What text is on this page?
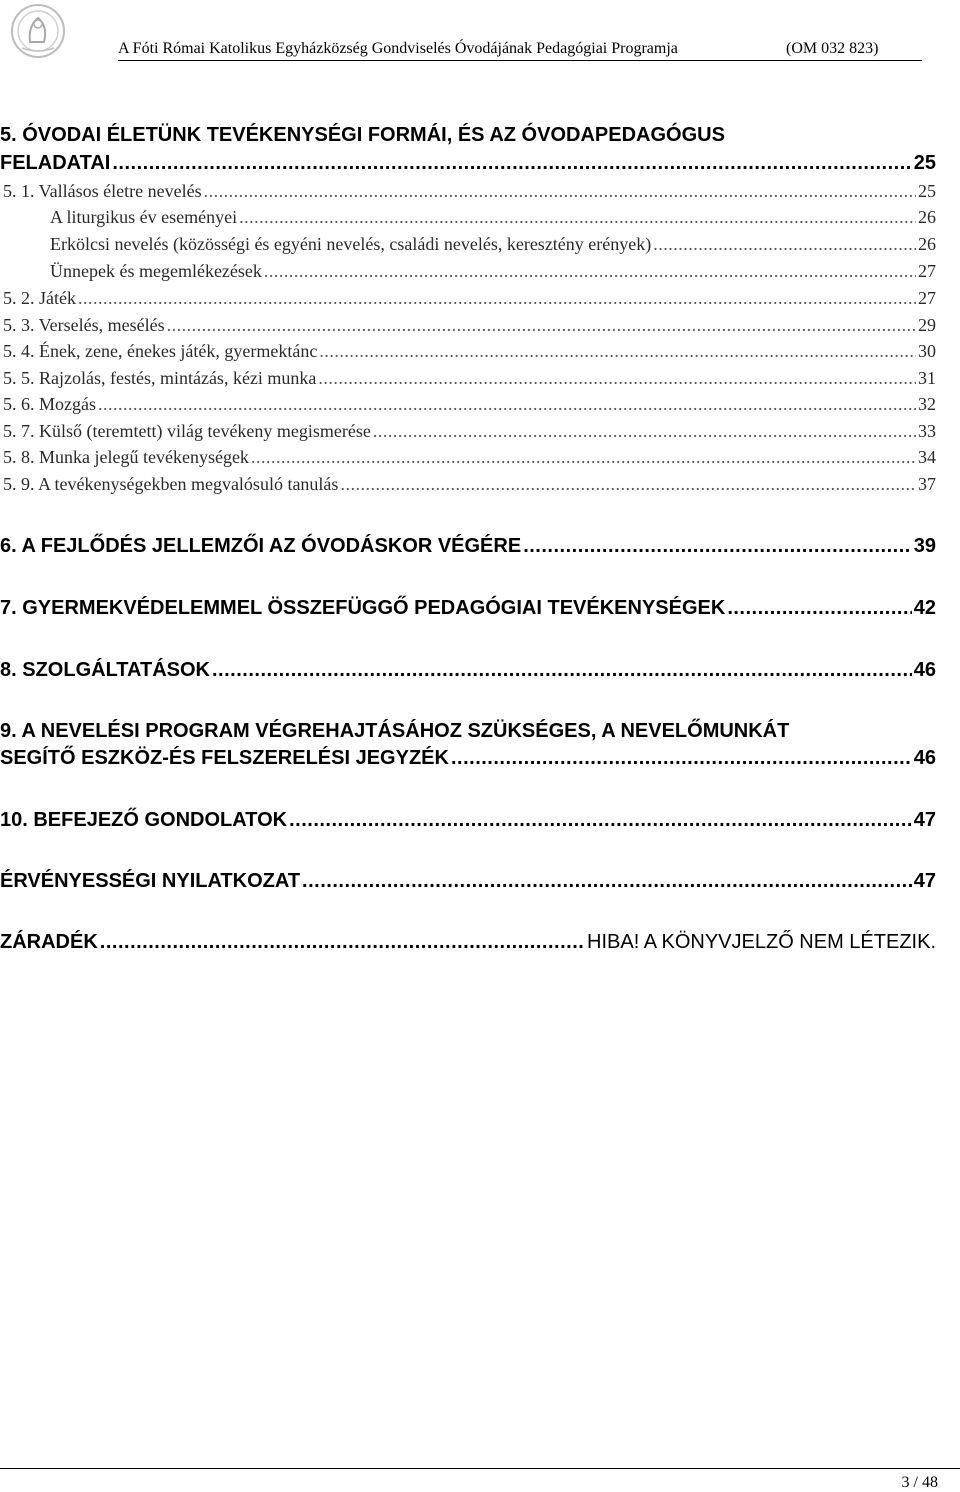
A Fóti Római Katolikus Egyházközség Gondviselés Óvodájának Pedagógiai Programja	(OM 032 823)
5. ÓVODAI ÉLETÜNK TEVÉKENYSÉGI FORMÁI, ÉS AZ ÓVODAPEDAGÓGUS
FELADATAI .....	25
5. 1. Vallásos életre nevelés .....	25
A liturgikus év eseményei .....	26
Erkölcsi nevelés (közösségi és egyéni nevelés, családi nevelés, keresztény erények) .....	26
Ünnepek és megemlékezések .....	27
5. 2. Játék .....	27
5. 3. Verselés, mesélés .....	29
5. 4. Ének, zene, énekes játék, gyermektánc .....	30
5. 5. Rajzolás, festés, mintázás, kézi munka .....	31
5. 6. Mozgás .....	32
5. 7. Külső (teremtett) világ tevékeny megismerése .....	33
5. 8. Munka jelegű tevékenységek .....	34
5. 9. A tevékenységekben megvalósuló tanulás .....	37
6. A FEJLŐDÉS JELLEMZŐI AZ ÓVODÁSKOR VÉGÉRE .....	39
7. GYERMEKVÉDELEMMEL ÖSSZEFÜGGŐ PEDAGÓGIAI TEVÉKENYSÉGEK .....	42
8. SZOLGÁLTATÁSOK .....	46
9. A NEVELÉSI PROGRAM VÉGREHAJTÁSÁHOZ SZÜKSÉGES, A NEVELŐMUNKÁT
SEGÍTŐ ESZKÖZ-ÉS FELSZERELÉSI JEGYZÉK .....	46
10. BEFEJEZŐ GONDOLATOK .....	47
ÉRVÉNYESSÉGI NYILATKOZAT .....	47
ZÁRADÉK .....	HIBA! A KÖNYVJELZŐ NEM LÉTEZIK.
3 / 48
